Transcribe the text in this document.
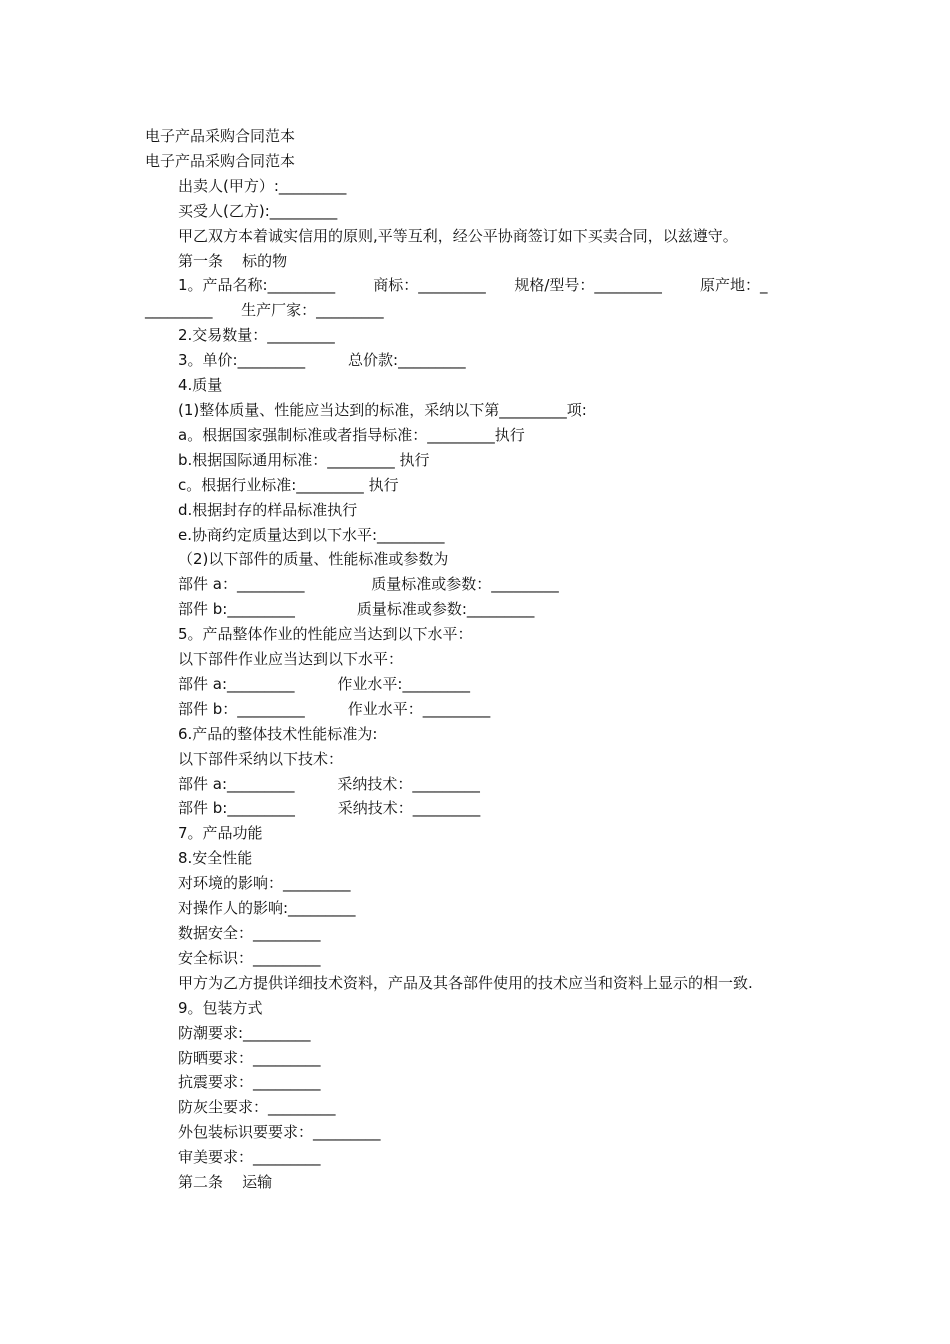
电子产品采购合同范本
电子产品采购合同范本
出卖人(甲方）:_________
买受人(乙方):_________
甲乙双方本着诚实信用的原则,平等互利，经公平协商签订如下买卖合同，以兹遵守。
第一条    标的物
1。产品名称:_________        商标：_________      规格/型号：_________        原产地：_
_________      生产厂家：_________
2.交易数量：_________
3。单价:_________         总价款:_________
4.质量
(1)整体质量、性能应当达到的标准，采纳以下第_________项:
a。根据国家强制标准或者指导标准：_________执行
b.根据国际通用标准：_________ 执行
c。根据行业标准:_________ 执行
d.根据封存的样品标准执行
e.协商约定质量达到以下水平:_________
（2)以下部件的质量、性能标准或参数为
部件 a：_________              质量标准或参数：_________
部件 b:_________             质量标准或参数:_________
5。产品整体作业的性能应当达到以下水平：
以下部件作业应当达到以下水平：
部件 a:_________         作业水平:_________
部件 b：_________         作业水平：_________
6.产品的整体技术性能标准为:
以下部件采纳以下技术：
部件 a:_________         采纳技术：_________
部件 b:_________         采纳技术：_________
7。产品功能
8.安全性能
对环境的影响：_________
对操作人的影响:_________
数据安全：_________
安全标识：_________
甲方为乙方提供详细技术资料，产品及其各部件使用的技术应当和资料上显示的相一致.
9。包装方式
防潮要求:_________
防晒要求：_________
抗震要求：_________
防灰尘要求：_________
外包装标识要要求：_________
审美要求：_________
第二条    运输
